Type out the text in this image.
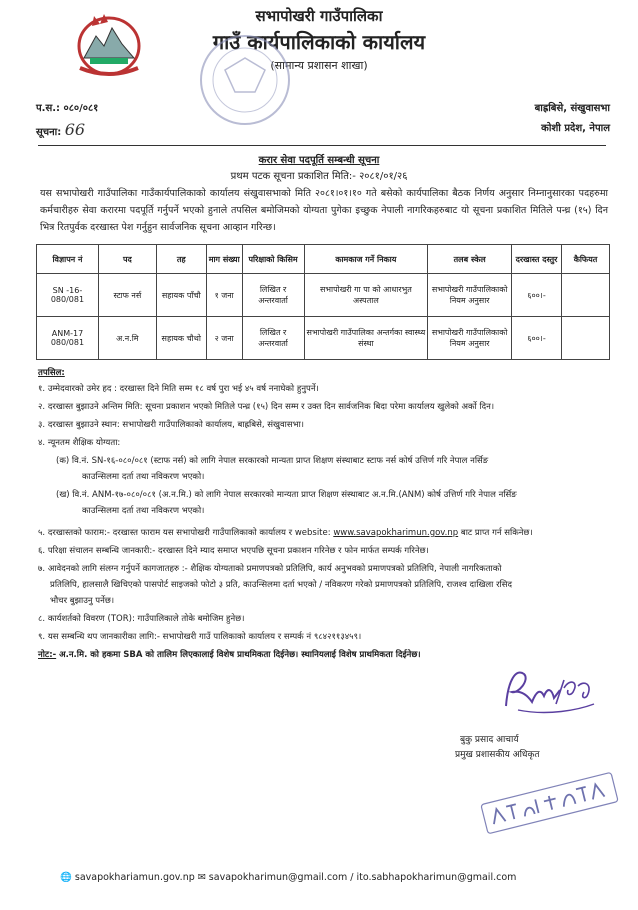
सभापोखरी गाउँपालिका
गाउँ कार्यपालिकाको कार्यालय
(सामान्य प्रशासन शाखा)
प.स.: ०८०/०८१
सूचना: 66
बाह्रबिसे, संखुवासभा
कोशी प्रदेश, नेपाल
करार सेवा पदपूर्ति सम्बन्धी सूचना
प्रथम पटक सूचना प्रकाशित मिति:- २०८१/०१/२६
यस सभापोखरी गाउँपालिका गाउँकार्यपालिकाको कार्यालय संखुवासभाको मिति २०८१।०१।१० गते बसेको कार्यपालिका बैठक निर्णय अनुसार निम्नानुसारका पदहरुमा कर्मचारीहरु सेवा करारमा पदपूर्ति गर्नुपर्ने भएको हुनाले तपसिल बमोजिमको योग्यता पुगेका इच्छुक नेपाली नागरिकहरुबाट यो सूचना प्रकाशित मितिले पन्ध्र (१५) दिन भित्र रितपुर्वक दरखास्त पेश गर्नुहुन सार्वजनिक सूचना आव्हान गरिन्छ।
विज्ञापन नं	पद	तह	माग संख्या	परिक्षाको किसिम	कामकाज गर्ने निकाय	तलब स्केल	दरखास्त दस्तुर	कैफियत
SN -16-080/081	स्टाफ नर्स	सहायक पाँचौ	१ जना	लिखित र अन्तरवार्ता	सभापोखरी गा पा को आधारभुत अस्पताल	सभापोखरी गाउँपालिकाको नियम अनुसार	६००।-	
ANM-17 080/081	अ.न.मि	सहायक चौथो	२ जना	लिखित र अन्तरवार्ता	सभापोखरी गाउँपालिका अन्तर्गका स्वास्थ्य संस्था	सभापोखरी गाउँपालिकाको नियम अनुसार	६००।-	
तपसिल:
१. उम्मेदवारको उमेर हद : दरखास्त दिने मिति सम्म १८ वर्ष पुरा भई ४५ वर्ष ननाघेको हुनुपर्ने।
२. दरखास्त बुझाउने अन्तिम मिति: सूचना प्रकाशन भएको मितिले पन्ध्र (१५) दिन सम्म र उक्त दिन सार्वजनिक बिदा परेमा कार्यालय खुलेको अर्को दिन।
३. दरखास्त बुझाउने स्थान: सभापोखरी गाउँपालिकाको कार्यालय, बाह्रबिसे, संखुवासभा।
४. न्यूनतम शैक्षिक योग्यता:
(क) वि.नं. SN-१६-०८०/०८१ (स्टाफ नर्स) को लागि नेपाल सरकारको मान्यता प्राप्त शिक्षण संस्थाबाट स्टाफ नर्स कोर्ष उत्तिर्ण गरि नेपाल नर्सिङ
काउन्सिलमा दर्ता तथा नविकरण भएको।
(ख) वि.नं. ANM-१७-०८०/०८१ (अ.न.मि.) को लागि नेपाल सरकारको मान्यता प्राप्त शिक्षण संस्थाबाट अ.न.मि.(ANM) कोर्ष उत्तिर्ण गरि नेपाल नर्सिङ
काउन्सिलमा दर्ता तथा नविकरण भएको।
५. दरखास्तको फाराम:- दरखास्त फाराम यस सभापोखरी गाउँपालिकाको कार्यालय र website: www.savapokharimun.gov.np बाट प्राप्त गर्न सकिनेछ।
६. परिक्षा संचालन सम्बन्धि जानकारी:- दरखास्त दिने म्याद समाप्त भएपछि सूचना प्रकाशन गरिनेछ र फोन मार्फत सम्पर्क गरिनेछ।
७. आवेदनको लागि संलग्न गर्नुपर्ने कागजातहरु :- शैक्षिक योग्यताको प्रमाणपत्रको प्रतिलिपि, कार्य अनुभवको प्रमाणपत्रको प्रतिलिपि, नेपाली नागरिकताको
प्रतिलिपि, हालसालै खिचिएको पासपोर्ट साइजको फोटो ३ प्रति, काउन्सिलमा दर्ता भएको / नविकरण गरेको प्रमाणपत्रको प्रतिलिपि, राजश्व दाखिला रसिद
भौचर बुझाउनु पर्नेछ।
८. कार्यशर्तको विवरण (TOR): गाउँपालिकाले तोके बमोजिम हुनेछ।
९. यस सम्बन्धि थप जानकारीका लागि:- सभापोखरी गाउँ पालिकाको कार्यालय र सम्पर्क नं ९८४२११३४५९।
नोट:- अ.न.मि. को हकमा SBA को तालिम लिएकालाई विशेष प्राथमिकता दिईनेछ। स्थानियलाई विशेष प्राथमिकता दिईनेछ।
बुकु प्रसाद आचार्य
प्रमुख प्रशासकीय अधिकृत
🌐 savapokhariamun.gov.np ✉ savapokharimun@gmail.com / ito.sabhapokharimun@gmail.com
